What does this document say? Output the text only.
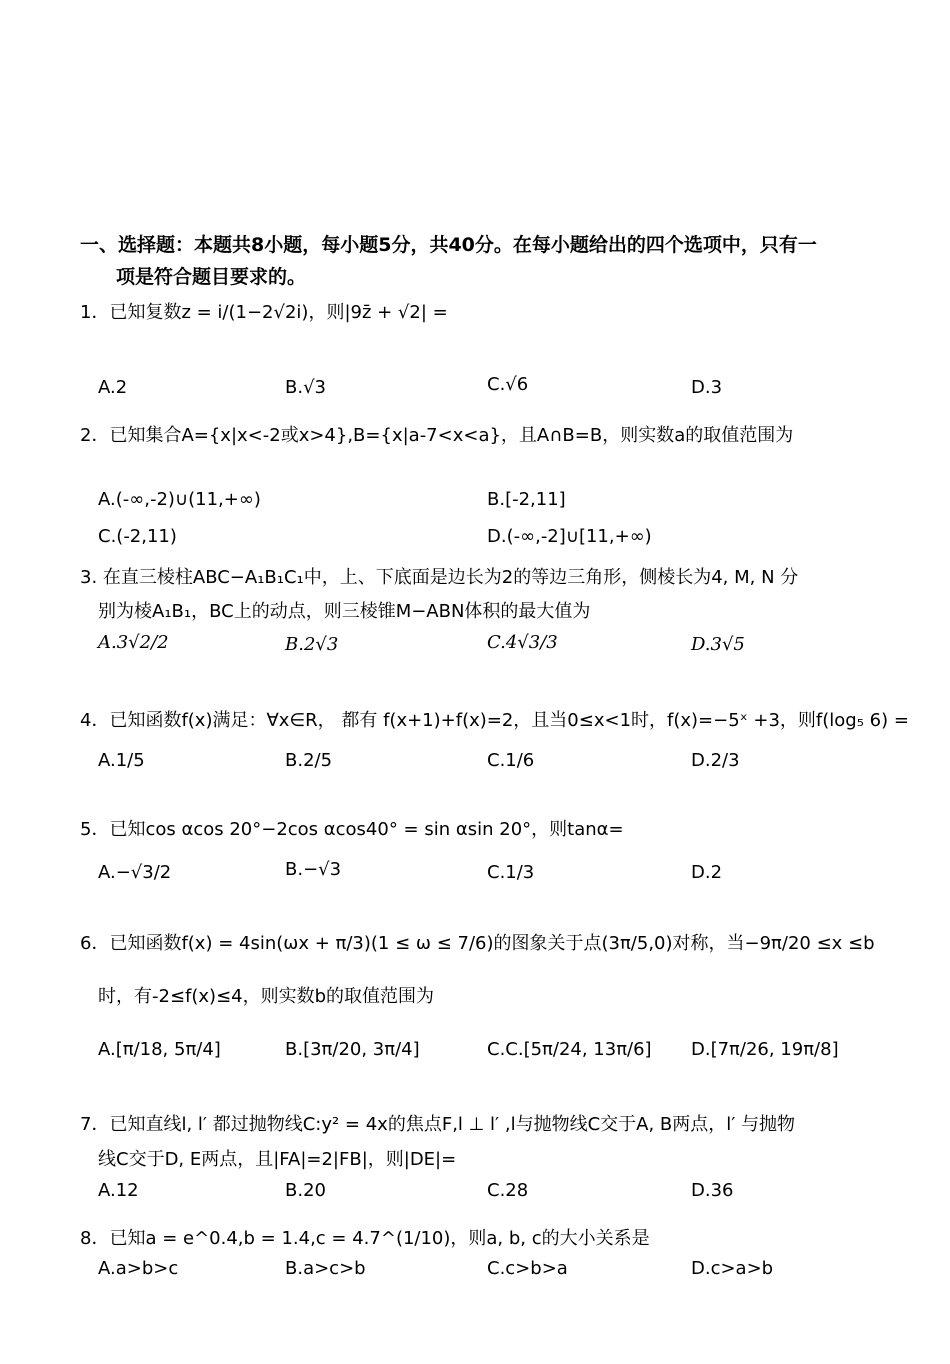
一、选择题：本题共8小题，每小题5分，共40分。在每小题给出的四个选项中，只有一
项是符合题目要求的。
1．已知复数z = i/(1−2√2i)，则|9z̄ + √2| =
A.2	B.√3	C.√6	D.3
2．已知集合A={x|x<-2或x>4},B={x|a-7<x<a}，且A∩B=B，则实数a的取值范围为
A.(-∞,-2)∪(11,+∞)	B.[-2,11]
C.(-2,11)	D.(-∞,-2]∪[11,+∞)
3. 在直三棱柱ABC−A₁B₁C₁中，上、下底面是边长为2的等边三角形，侧棱长为4, M, N 分
别为棱A₁B₁，BC上的动点，则三棱锥M−ABN体积的最大值为
A.3√2/2	B.2√3	C.4√3/3	D.3√5
4．已知函数f(x)满足：∀x∈R， 都有 f(x+1)+f(x)=2，且当0≤x<1时，f(x)=−5ˣ +3，则f(log₅ 6) =
A.1/5	B.2/5	C.1/6	D.2/3
5．已知cos αcos 20°−2cos αcos40° = sin αsin 20°，则tanα=
A.−√3/2	B.−√3	C.1/3	D.2
6．已知函数f(x) = 4sin(ωx + π/3)(1 ≤ ω ≤ 7/6)的图象关于点(3π/5,0)对称，当−9π/20 ≤x ≤b
时，有-2≤f(x)≤4，则实数b的取值范围为
A.[π/18, 5π/4]	B.[3π/20, 3π/4]	C.C.[5π/24, 13π/6] D.[7π/26, 19π/8]
7．已知直线l, l′ 都过抛物线C:y² = 4x的焦点F,l ⊥ l′ ,l与抛物线C交于A, B两点，l′ 与抛物
线C交于D, E两点，且|FA|=2|FB|，则|DE|=
A.12	B.20	C.28	D.36
8．已知a = e^0.4,b = 1.4,c = 4.7^(1/10)，则a, b, c的大小关系是
A.a>b>c	B.a>c>b	C.c>b>a	D.c>a>b
